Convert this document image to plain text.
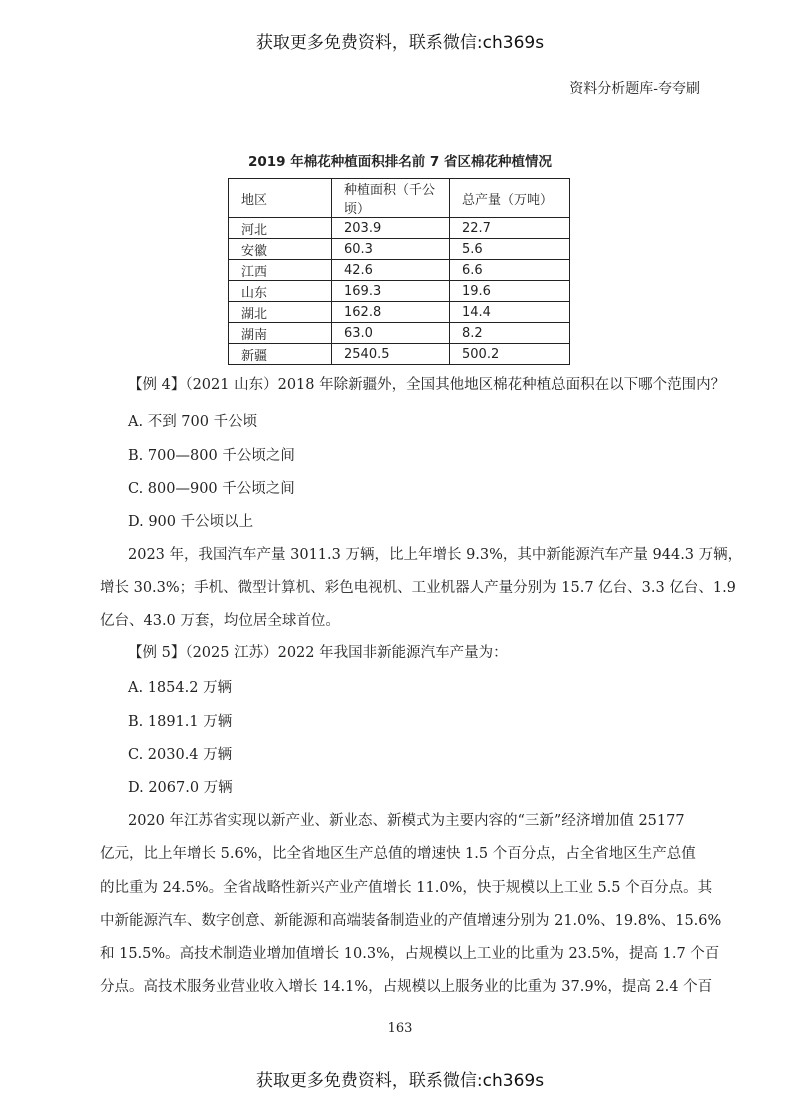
获取更多免费资料，联系微信:ch369s
资料分析题库-夸夸刷
2019 年棉花种植面积排名前 7 省区棉花种植情况
地区	种植面积（千公顷）	总产量（万吨）
河北	203.9	22.7
安徽	60.3	5.6
江西	42.6	6.6
山东	169.3	19.6
湖北	162.8	14.4
湖南	63.0	8.2
新疆	2540.5	500.2
【例 4】（2021 山东）2018 年除新疆外，全国其他地区棉花种植总面积在以下哪个范围内？
A. 不到 700 千公顷
B. 700—800 千公顷之间
C. 800—900 千公顷之间
D. 900 千公顷以上
2023 年，我国汽车产量 3011.3 万辆，比上年增长 9.3%，其中新能源汽车产量 944.3 万辆，
增长 30.3%；手机、微型计算机、彩色电视机、工业机器人产量分别为 15.7 亿台、3.3 亿台、1.9
亿台、43.0 万套，均位居全球首位。
【例 5】（2025 江苏）2022 年我国非新能源汽车产量为：
A. 1854.2 万辆
B. 1891.1 万辆
C. 2030.4 万辆
D. 2067.0 万辆
2020 年江苏省实现以新产业、新业态、新模式为主要内容的“三新”经济增加值 25177
亿元，比上年增长 5.6%，比全省地区生产总值的增速快 1.5 个百分点，占全省地区生产总值
的比重为 24.5%。全省战略性新兴产业产值增长 11.0%，快于规模以上工业 5.5 个百分点。其
中新能源汽车、数字创意、新能源和高端装备制造业的产值增速分别为 21.0%、19.8%、15.6%
和 15.5%。高技术制造业增加值增长 10.3%，占规模以上工业的比重为 23.5%，提高 1.7 个百
分点。高技术服务业营业收入增长 14.1%，占规模以上服务业的比重为 37.9%，提高 2.4 个百
163
获取更多免费资料，联系微信:ch369s
